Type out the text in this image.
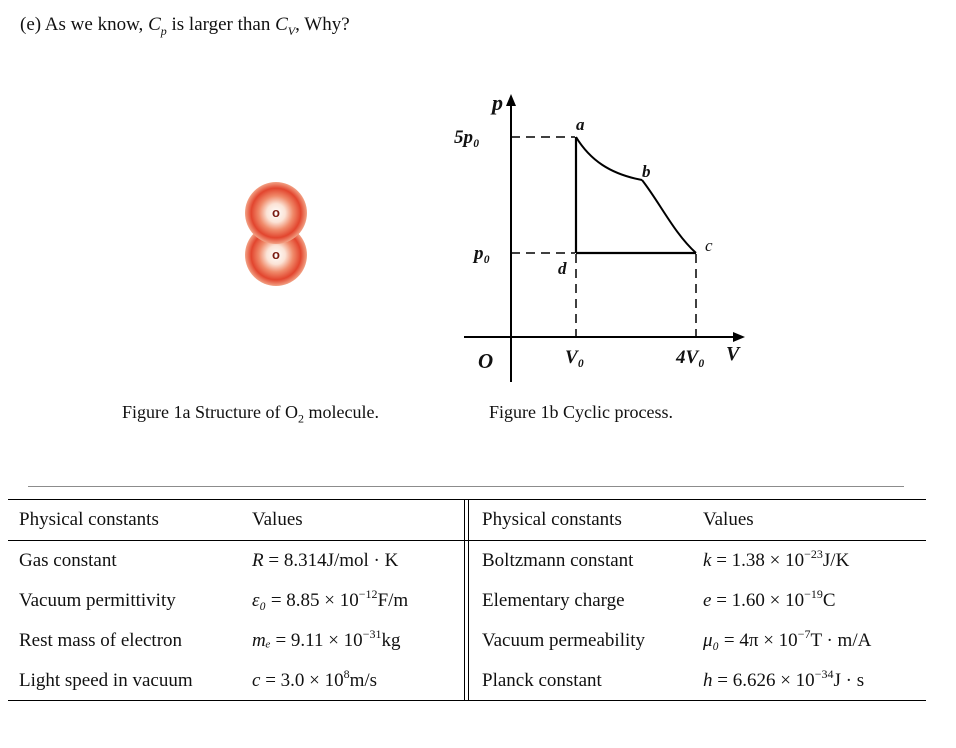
(e) As we know, $C_p$ is larger than $C_V$, Why?
o
o
Figure 1a Structure of $O_2$ molecule.
p
5p₀
p₀
O	V₀	4V₀ V
a
b
c
d
Figure 1b Cyclic process.
Physical constants	Values	Physical constants	Values
Gas constant	R = 8.314J/mol · K	Boltzmann constant	$k = 1.38 \times 10^{-23}J/K$
Vacuum permittivity	$\varepsilon_0 = 8.85 \times 10^{-12}F/m$	Elementary charge	$e = 1.60 \times 10^{-19}C$
Rest mass of electron	$m_e = 9.11 \times 10^{-31}kg$	Vacuum permeability	$\mu_0 = 4\pi \times 10^{-7}T \cdot m/A$
Light speed in vacuum	$c = 3.0 \times 10^8m/s$	Planck constant	$h = 6.626 \times 10^{-34}J \cdot s$
